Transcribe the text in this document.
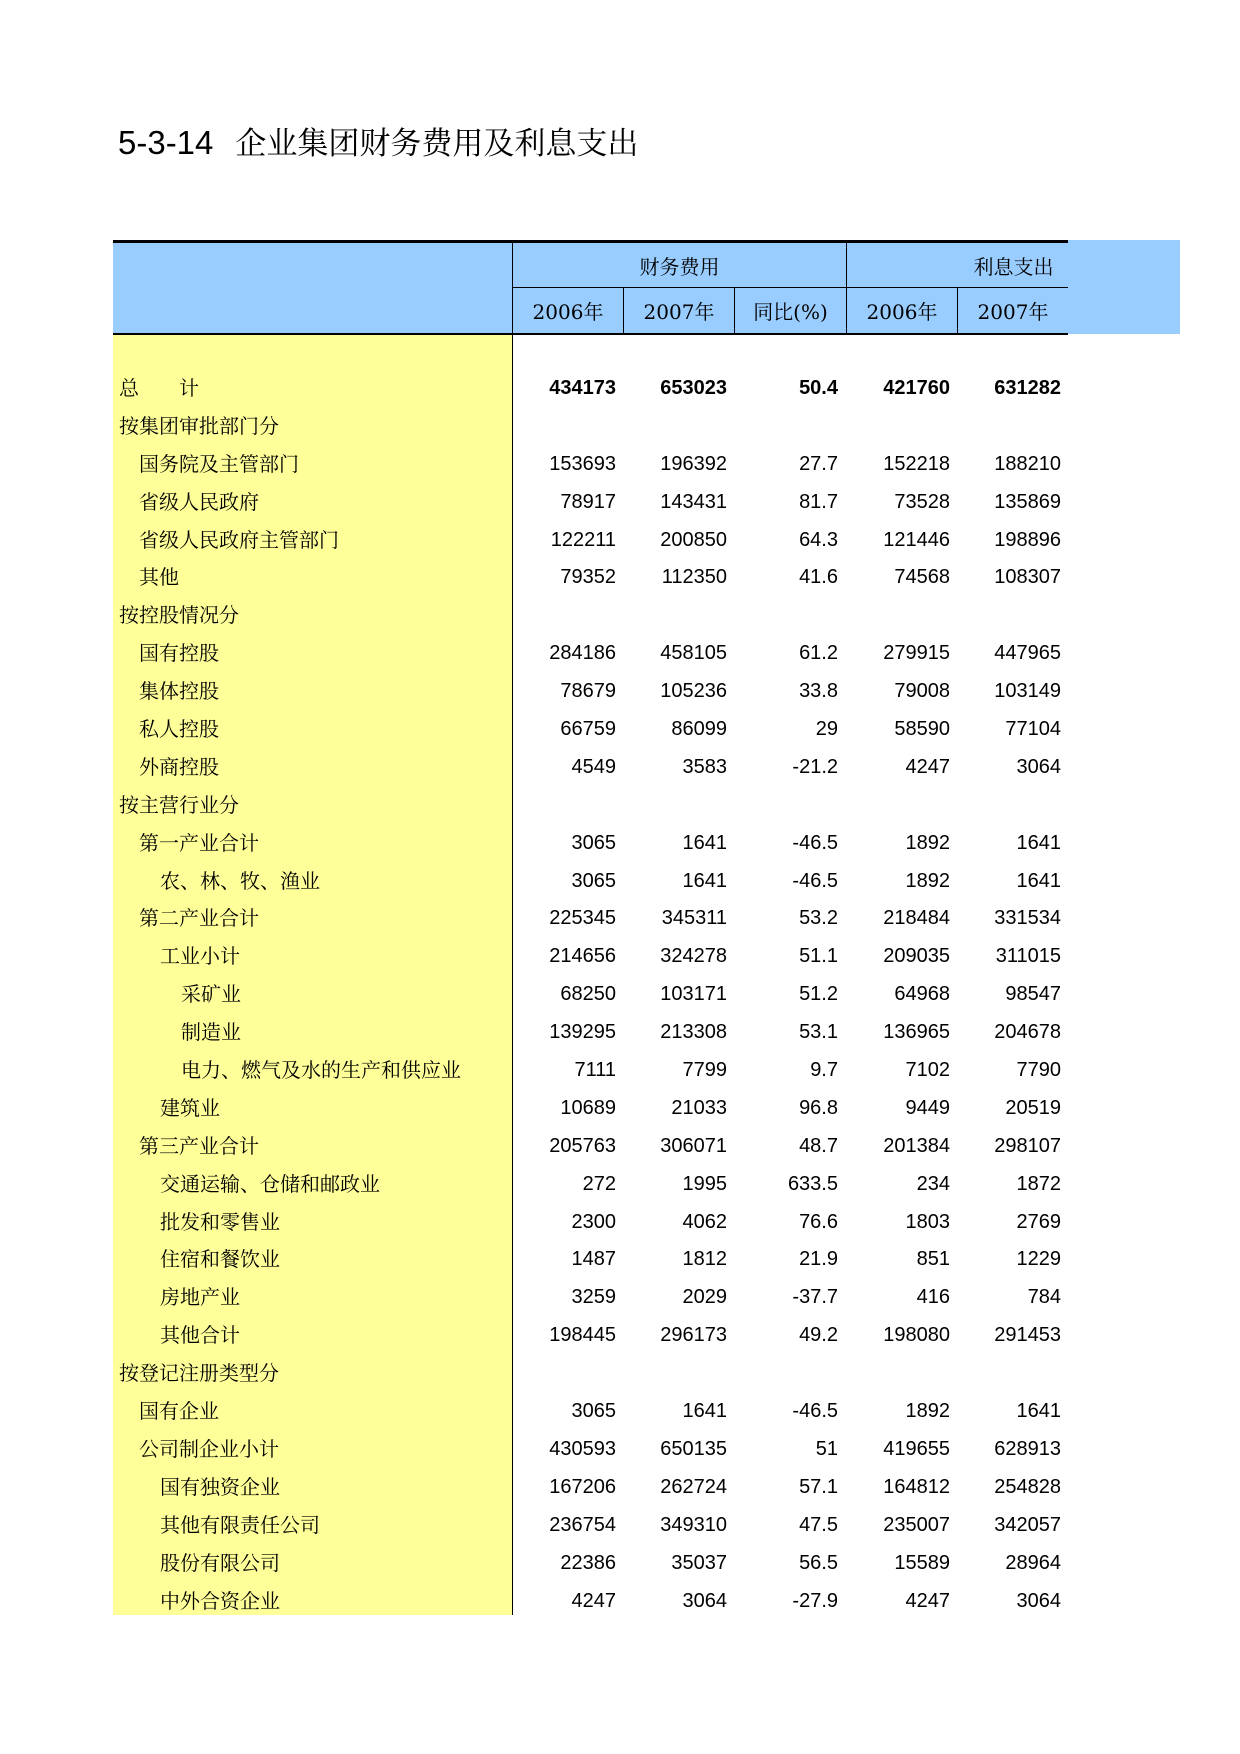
5-3-14 企业集团财务费用及利息支出
财务费用	利息支出
2006年	2007年	同比(%)	2006年	2007年
总　　计	434173	653023	50.4	421760	631282
按集团审批部门分
国务院及主管部门	153693	196392	27.7	152218	188210
省级人民政府	78917	143431	81.7	73528	135869
省级人民政府主管部门	122211	200850	64.3	121446	198896
其他	79352	112350	41.6	74568	108307
按控股情况分
国有控股	284186	458105	61.2	279915	447965
集体控股	78679	105236	33.8	79008	103149
私人控股	66759	86099	29	58590	77104
外商控股	4549	3583	-21.2	4247	3064
按主营行业分
第一产业合计	3065	1641	-46.5	1892	1641
农、林、牧、渔业	3065	1641	-46.5	1892	1641
第二产业合计	225345	345311	53.2	218484	331534
工业小计	214656	324278	51.1	209035	311015
采矿业	68250	103171	51.2	64968	98547
制造业	139295	213308	53.1	136965	204678
电力、燃气及水的生产和供应业	7111	7799	9.7	7102	7790
建筑业	10689	21033	96.8	9449	20519
第三产业合计	205763	306071	48.7	201384	298107
交通运输、仓储和邮政业	272	1995	633.5	234	1872
批发和零售业	2300	4062	76.6	1803	2769
住宿和餐饮业	1487	1812	21.9	851	1229
房地产业	3259	2029	-37.7	416	784
其他合计	198445	296173	49.2	198080	291453
按登记注册类型分
国有企业	3065	1641	-46.5	1892	1641
公司制企业小计	430593	650135	51	419655	628913
国有独资企业	167206	262724	57.1	164812	254828
其他有限责任公司	236754	349310	47.5	235007	342057
股份有限公司	22386	35037	56.5	15589	28964
中外合资企业	4247	3064	-27.9	4247	3064
